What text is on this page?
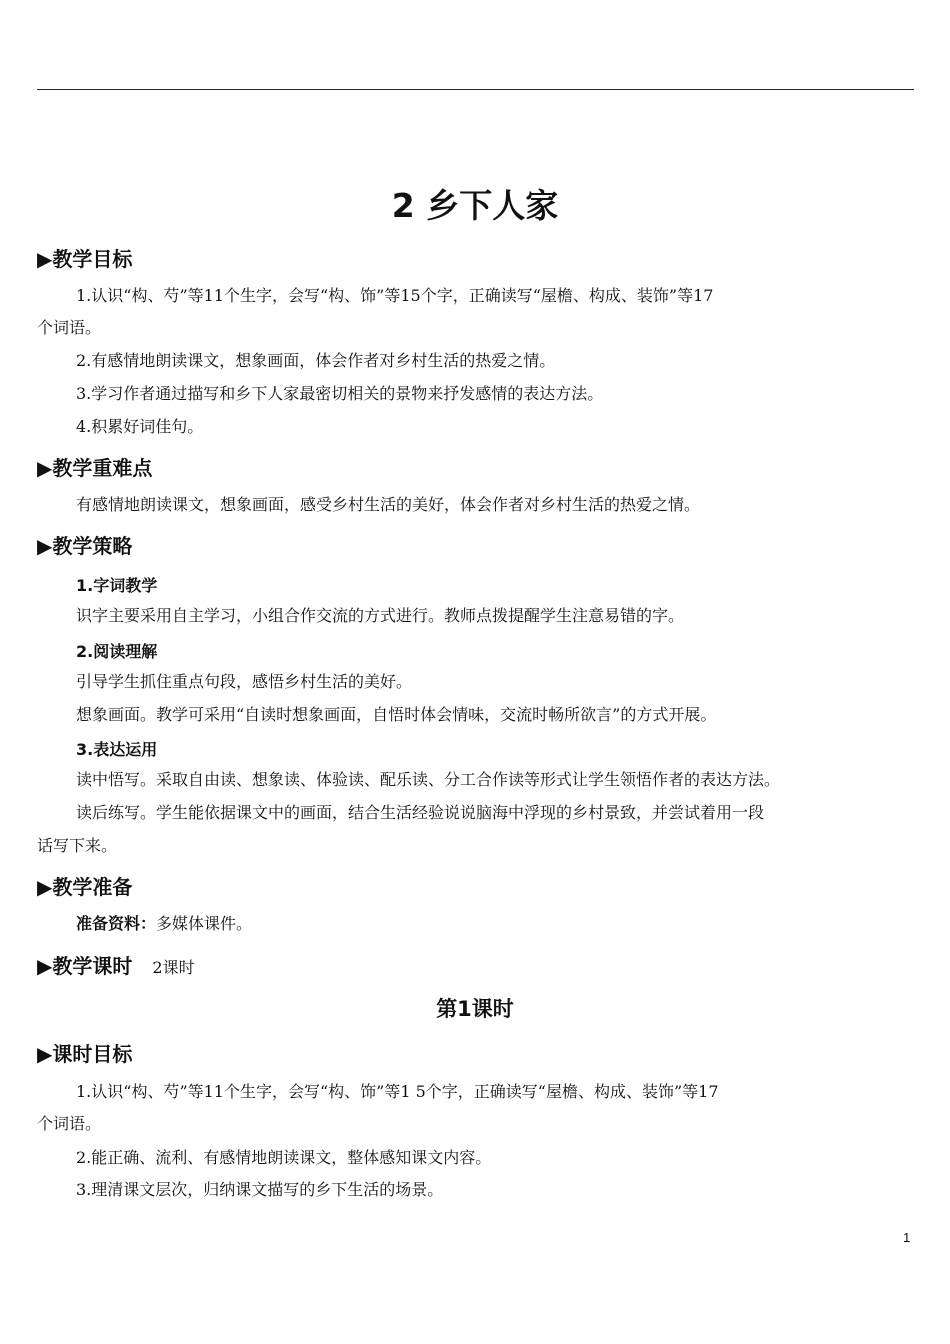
2 乡下人家
▶教学目标
1.认识“构、芍”等11个生字，会写“构、饰”等15个字，正确读写“屋檐、构成、装饰”等17
个词语。
2.有感情地朗读课文，想象画面，体会作者对乡村生活的热爱之情。
3.学习作者通过描写和乡下人家最密切相关的景物来抒发感情的表达方法。
4.积累好词佳句。
▶教学重难点
有感情地朗读课文，想象画面，感受乡村生活的美好，体会作者对乡村生活的热爱之情。
▶教学策略
1.字词教学
识字主要采用自主学习，小组合作交流的方式进行。教师点拨提醒学生注意易错的字。
2.阅读理解
引导学生抓住重点句段，感悟乡村生活的美好。
想象画面。教学可采用“自读时想象画面，自悟时体会情味，交流时畅所欲言”的方式开展。
3.表达运用
读中悟写。采取自由读、想象读、体验读、配乐读、分工合作读等形式让学生领悟作者的表达方法。
读后练写。学生能依据课文中的画面，结合生活经验说说脑海中浮现的乡村景致，并尝试着用一段
话写下来。
▶教学准备
准备资料：多媒体课件。
▶教学课时 2课时
第1课时
▶课时目标
1.认识“构、芍”等11个生字，会写“构、饰”等1 5个字，正确读写“屋檐、构成、装饰”等17
个词语。
2.能正确、流利、有感情地朗读课文，整体感知课文内容。
3.理清课文层次，归纳课文描写的乡下生活的场景。
1
